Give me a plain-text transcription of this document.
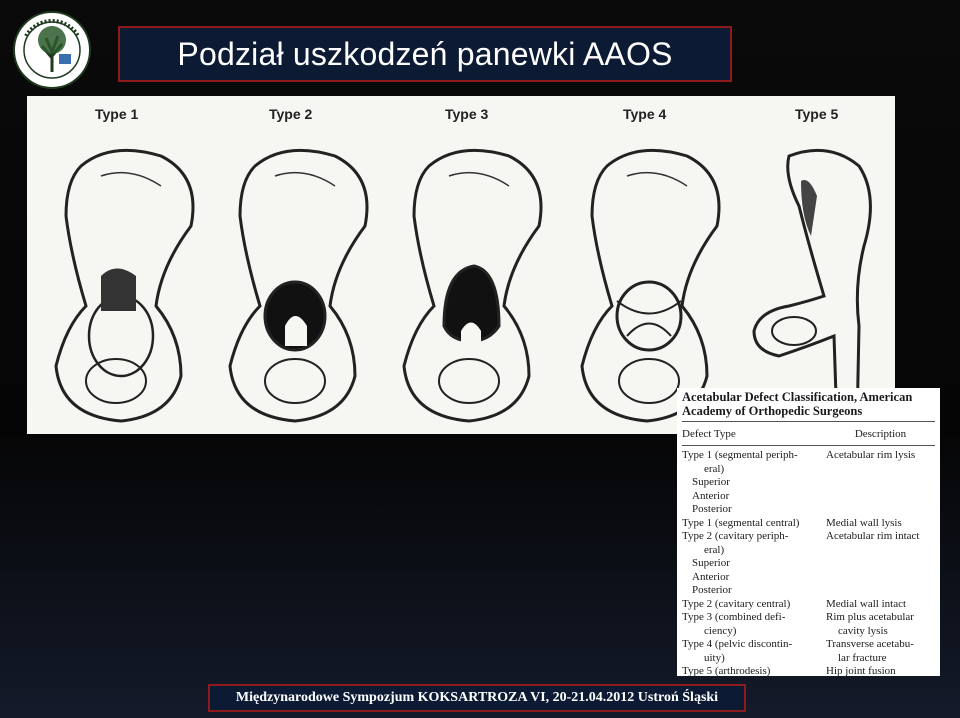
Podział uszkodzeń panewki AAOS
Type 1	Type 2	Type 3	Type 4	Type 5
Acetabular Defect Classification, American Academy of Orthopedic Surgeons
Defect Type	Description
Type 1 (segmental periph-	Acetabular rim lysis
eral)
Superior
Anterior
Posterior
Type 1 (segmental central)	Medial wall lysis
Type 2 (cavitary periph-	Acetabular rim intact
eral)
Superior
Anterior
Posterior
Type 2 (cavitary central)	Medial wall intact
Type 3 (combined defi-	Rim plus acetabular
ciency)	cavity lysis
Type 4 (pelvic discontin-	Transverse acetabu-
uity)	lar fracture
Type 5 (arthrodesis)	Hip joint fusion
Międzynarodowe Sympozjum KOKSARTROZA VI, 20-21.04.2012 Ustroń Śląski
